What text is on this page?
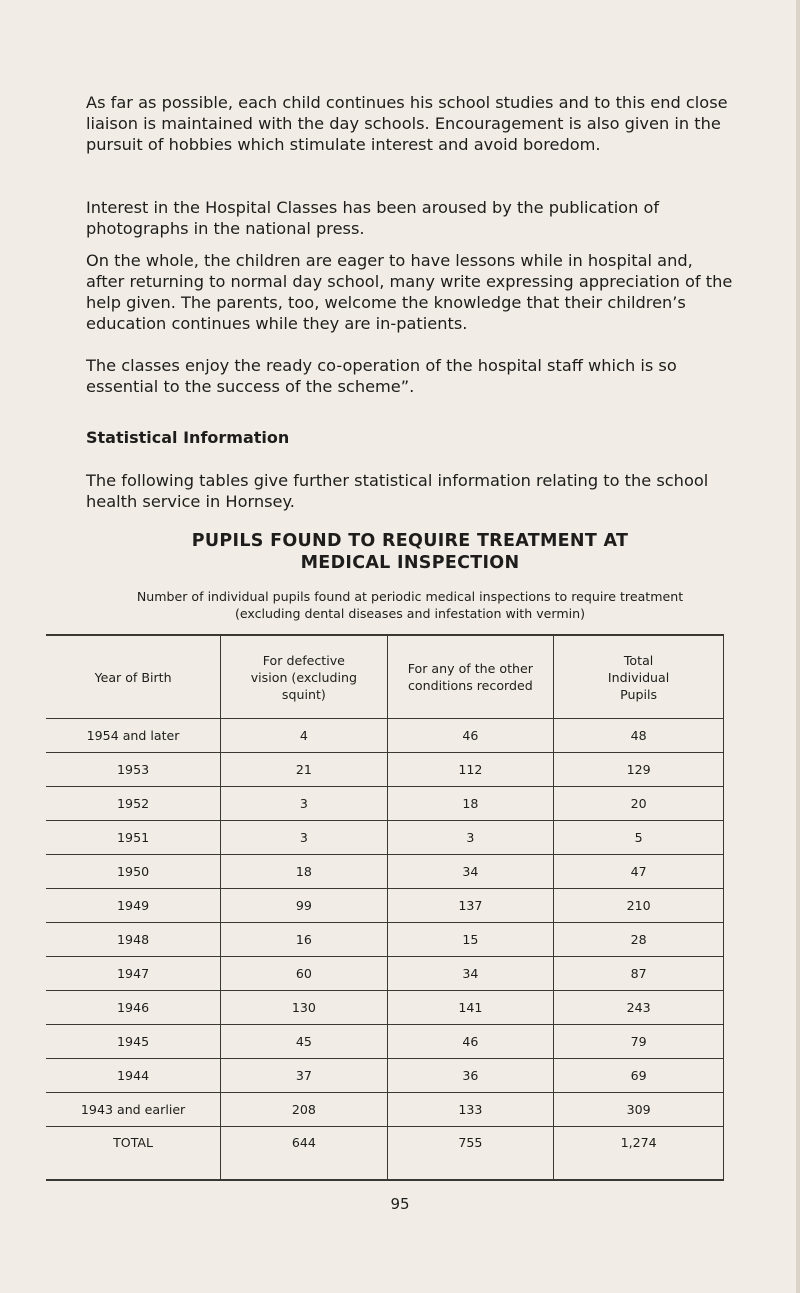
As far as possible, each child continues his school studies and to this end close liaison is maintained with the day schools. Encouragement is also given in the pursuit of hobbies which stimulate interest and avoid boredom.

Interest in the Hospital Classes has been aroused by the publication of photographs in the national press.

On the whole, the children are eager to have lessons while in hospital and, after returning to normal day school, many write expressing appreciation of the help given. The parents, too, welcome the knowledge that their children’s education continues while they are in-patients.

The classes enjoy the ready co-operation of the hospital staff which is so essential to the success of the scheme”.

Statistical Information

The following tables give further statistical information relating to the school health service in Hornsey.

PUPILS FOUND TO REQUIRE TREATMENT AT
MEDICAL INSPECTION
Number of individual pupils found at periodic medical inspections to require treatment
(excluding dental diseases and infestation with vermin)
Year of Birth	For defective vision (excluding squint)	For any of the other conditions recorded	Total Individual Pupils

1954 and later	4	46	48
1953	21	112	129
1952	3	18	20
1951	3	3	5
1950	18	34	47
1949	99	137	210
1948	16	15	28
1947	60	34	87
1946	130	141	243
1945	45	46	79
1944	37	36	69
1943 and earlier	208	133	309
TOTAL	644	755	1,274

95
